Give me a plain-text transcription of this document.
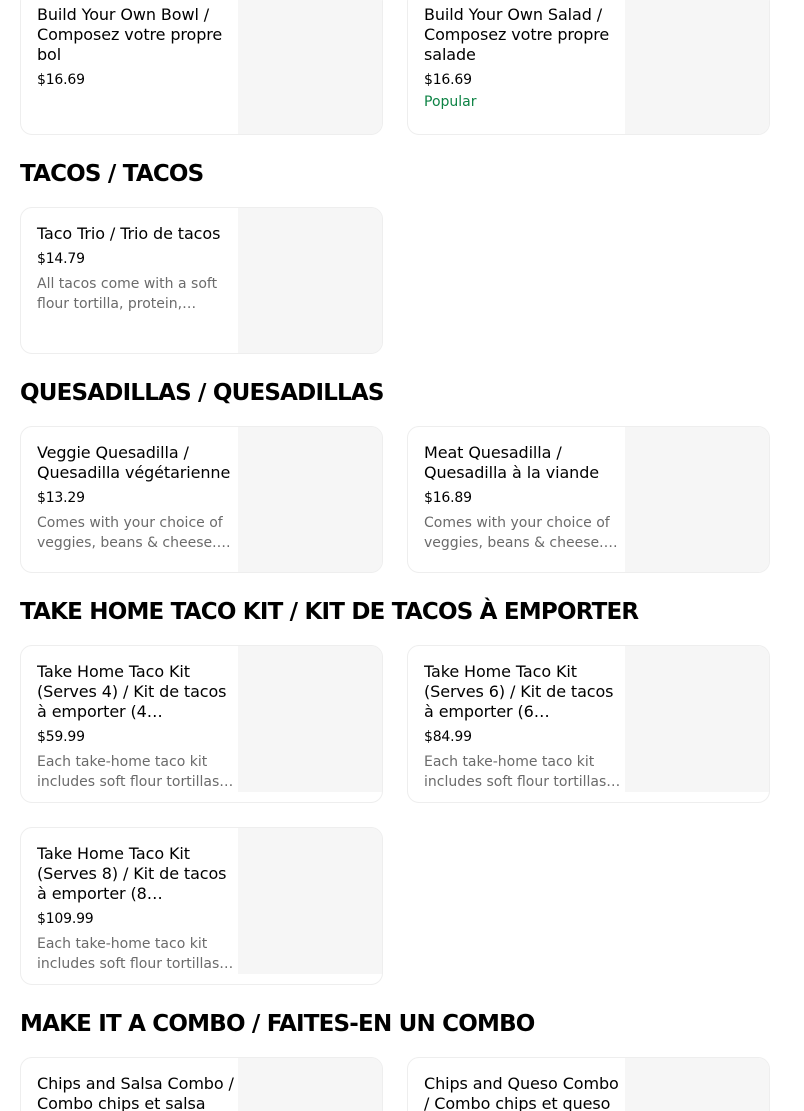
Build Your Own Bowl / Composez votre propre bol
$16.69
Build Your Own Salad / Composez votre propre salade
$16.69
Popular
TACOS / TACOS
Taco Trio / Trio de tacos
$14.79
All tacos come with a soft flour tortilla, protein,
QUESADILLAS / QUESADILLAS
Veggie Quesadilla / Quesadilla végétarienne
$13.29
Comes with your choice of veggies, beans & cheese.
Meat Quesadilla / Quesadilla à la viande
$16.89
Comes with your choice of veggies, beans & cheese.
TAKE HOME TACO KIT / KIT DE TACOS À EMPORTER
Take Home Taco Kit (Serves 4) / Kit de tacos à emporter (4
$59.99
Each take-home taco kit includes soft flour tortillas,
Take Home Taco Kit (Serves 6) / Kit de tacos à emporter (6
$84.99
Each take-home taco kit includes soft flour tortillas,
Take Home Taco Kit (Serves 8) / Kit de tacos à emporter (8
$109.99
Each take-home taco kit includes soft flour tortillas,
MAKE IT A COMBO / FAITES-EN UN COMBO
Chips and Salsa Combo / Combo chips et salsa
Chips and Queso Combo / Combo chips et queso
